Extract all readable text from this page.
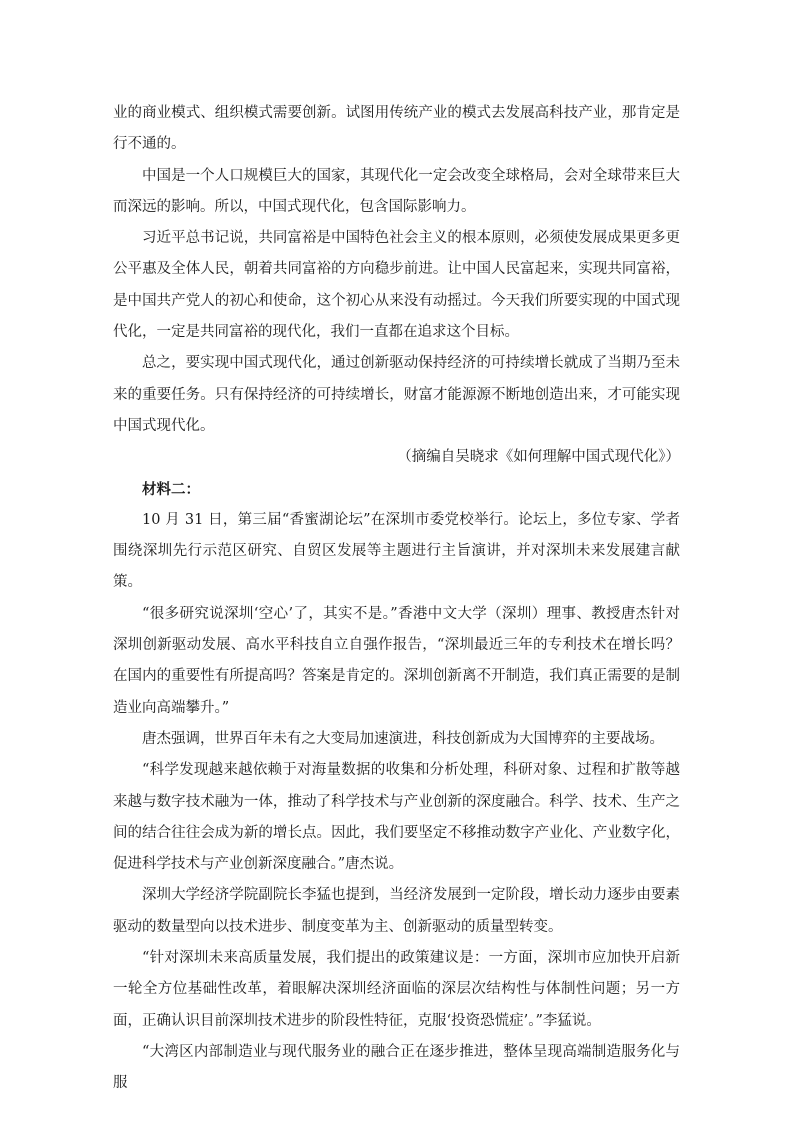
业的商业模式、组织模式需要创新。试图用传统产业的模式去发展高科技产业，那肯定是行不通的。

中国是一个人口规模巨大的国家，其现代化一定会改变全球格局，会对全球带来巨大而深远的影响。所以，中国式现代化，包含国际影响力。

习近平总书记说，共同富裕是中国特色社会主义的根本原则，必须使发展成果更多更公平惠及全体人民，朝着共同富裕的方向稳步前进。让中国人民富起来，实现共同富裕，是中国共产党人的初心和使命，这个初心从来没有动摇过。今天我们所要实现的中国式现代化，一定是共同富裕的现代化，我们一直都在追求这个目标。

总之，要实现中国式现代化，通过创新驱动保持经济的可持续增长就成了当期乃至未来的重要任务。只有保持经济的可持续增长，财富才能源源不断地创造出来，才可能实现中国式现代化。

（摘编自吴晓求《如何理解中国式现代化》）

材料二：

10 月 31 日，第三届“香蜜湖论坛”在深圳市委党校举行。论坛上，多位专家、学者围绕深圳先行示范区研究、自贸区发展等主题进行主旨演讲，并对深圳未来发展建言献策。

“很多研究说深圳‘空心’了，其实不是。”香港中文大学（深圳）理事、教授唐杰针对深圳创新驱动发展、高水平科技自立自强作报告，“深圳最近三年的专利技术在增长吗？在国内的重要性有所提高吗？答案是肯定的。深圳创新离不开制造，我们真正需要的是制造业向高端攀升。”

唐杰强调，世界百年未有之大变局加速演进，科技创新成为大国博弈的主要战场。

“科学发现越来越依赖于对海量数据的收集和分析处理，科研对象、过程和扩散等越来越与数字技术融为一体，推动了科学技术与产业创新的深度融合。科学、技术、生产之间的结合往往会成为新的增长点。因此，我们要坚定不移推动数字产业化、产业数字化，促进科学技术与产业创新深度融合。”唐杰说。

深圳大学经济学院副院长李猛也提到，当经济发展到一定阶段，增长动力逐步由要素驱动的数量型向以技术进步、制度变革为主、创新驱动的质量型转变。

“针对深圳未来高质量发展，我们提出的政策建议是：一方面，深圳市应加快开启新一轮全方位基础性改革，着眼解决深圳经济面临的深层次结构性与体制性问题；另一方面，正确认识目前深圳技术进步的阶段性特征，克服‘投资恐慌症’。”李猛说。

“大湾区内部制造业与现代服务业的融合正在逐步推进，整体呈现高端制造服务化与服
